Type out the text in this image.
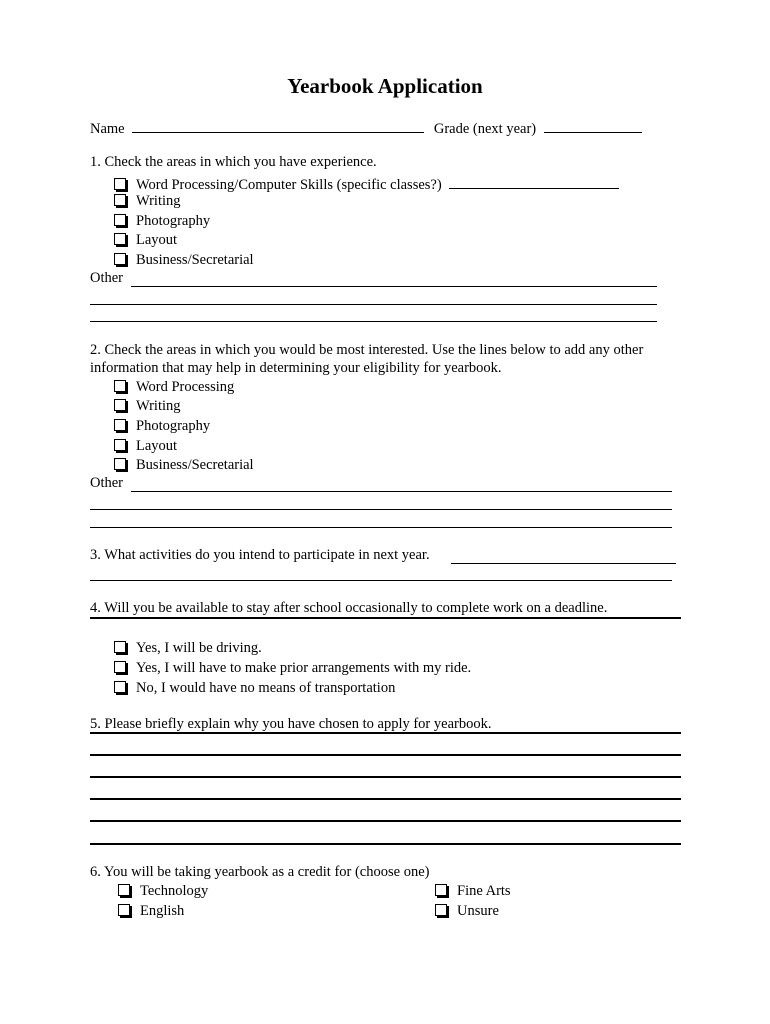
Yearbook Application
Name	Grade (next year)
1. Check the areas in which you have experience.
Word Processing/Computer Skills (specific classes?)
Writing
Photography
Layout
Business/Secretarial
Other
2. Check the areas in which you would be most interested. Use the lines below to add any other
information that may help in determining your eligibility for yearbook.
Word Processing
Writing
Photography
Layout
Business/Secretarial
Other
3. What activities do you intend to participate in next year.
4. Will you be available to stay after school occasionally to complete work on a deadline.
Yes, I will be driving.
Yes, I will have to make prior arrangements with my ride.
No, I would have no means of transportation
5. Please briefly explain why you have chosen to apply for yearbook.
6. You will be taking yearbook as a credit for (choose one)
Technology	Fine Arts
English	Unsure
